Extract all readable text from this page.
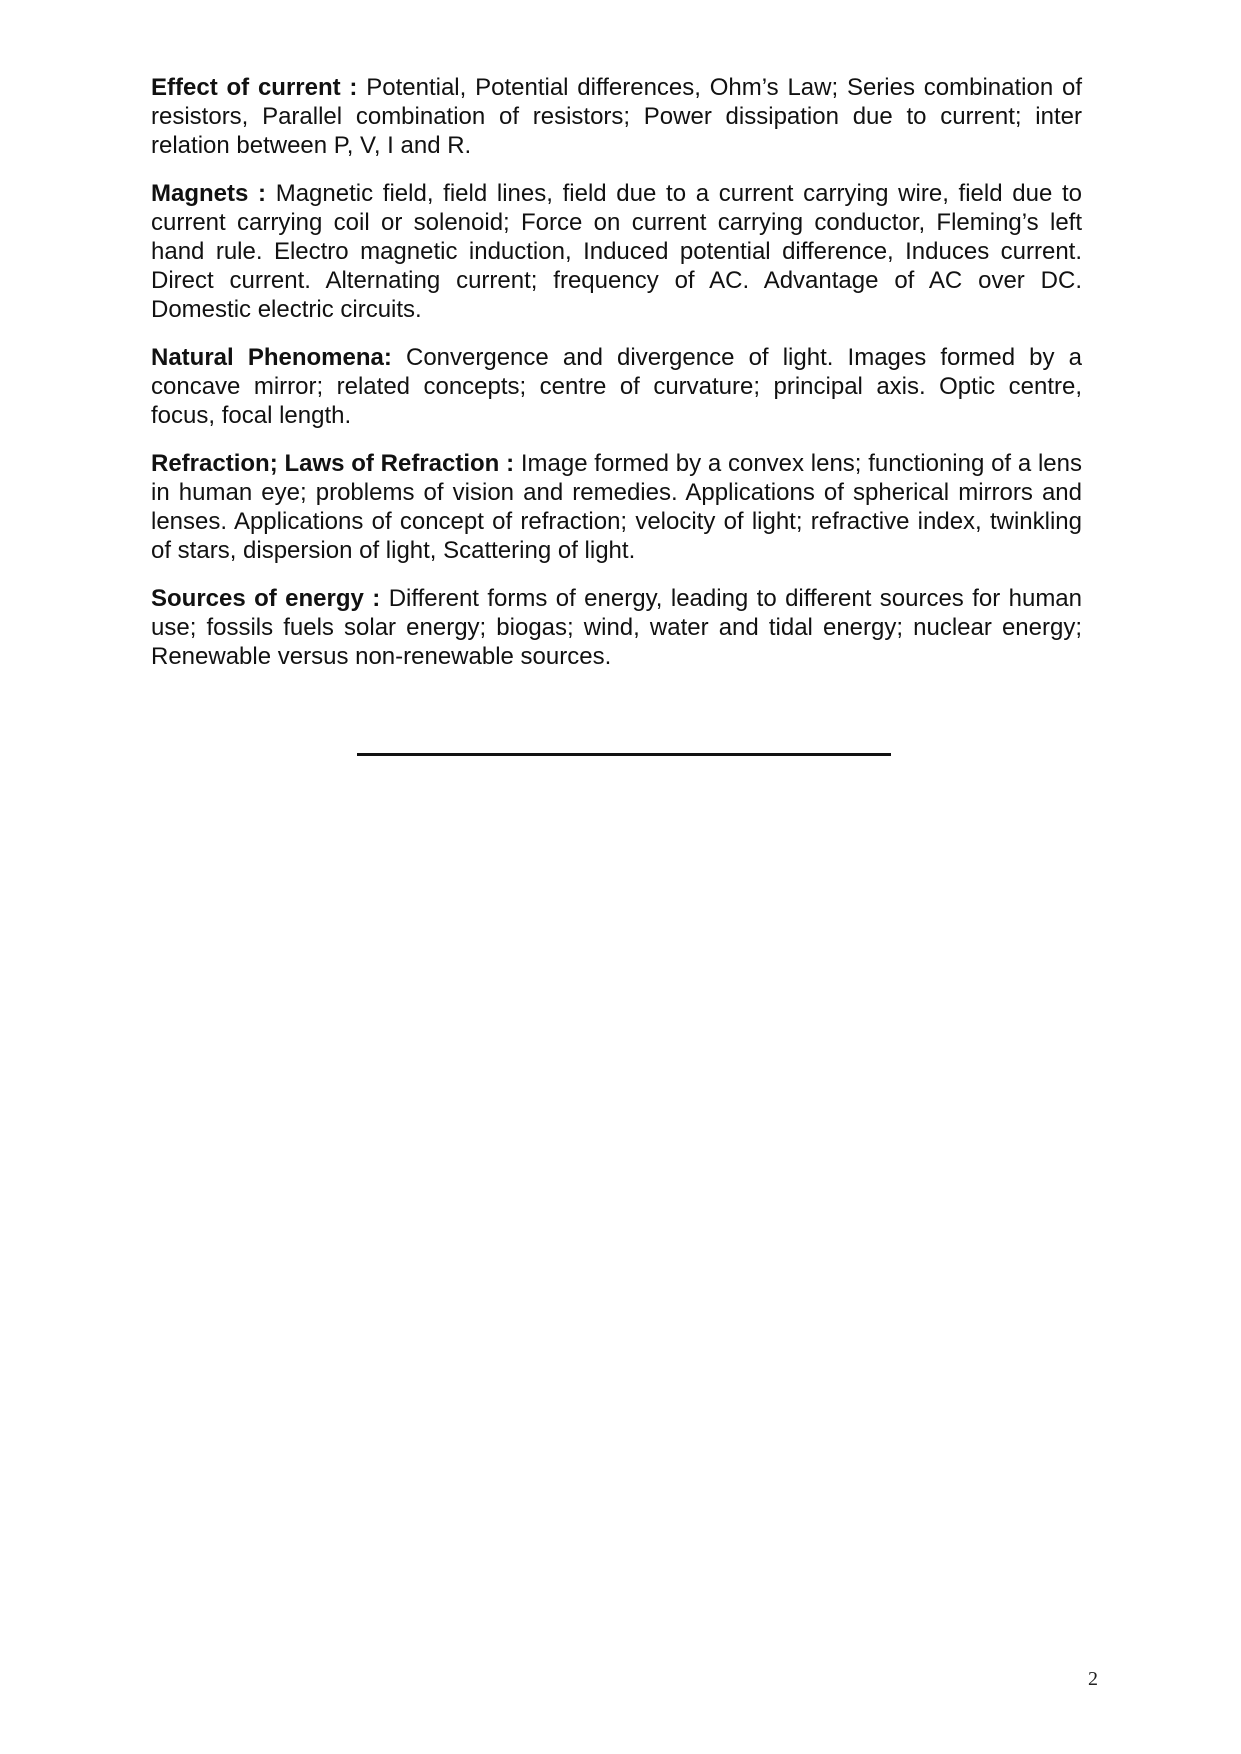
Effect of current : Potential, Potential differences, Ohm’s Law; Series combination of resistors, Parallel combination of resistors; Power dissipation due to current; inter relation between P, V, I and R.

Magnets : Magnetic field, field lines, field due to a current carrying wire, field due to current carrying coil or solenoid; Force on current carrying conductor, Fleming’s left hand rule. Electro magnetic induction, Induced potential difference, Induces current. Direct current. Alternating current; frequency of AC. Advantage of AC over DC. Domestic electric circuits.

Natural Phenomena: Convergence and divergence of light. Images formed by a concave mirror; related concepts; centre of curvature; principal axis. Optic centre, focus, focal length.

Refraction; Laws of Refraction : Image formed by a convex lens; functioning of a lens in human eye; problems of vision and remedies. Applications of spherical mirrors and lenses. Applications of concept of refraction; velocity of light; refractive index, twinkling of stars, dispersion of light, Scattering of light.

Sources of energy : Different forms of energy, leading to different sources for human use; fossils fuels solar energy; biogas; wind, water and tidal energy; nuclear energy; Renewable versus non-renewable sources.

2
